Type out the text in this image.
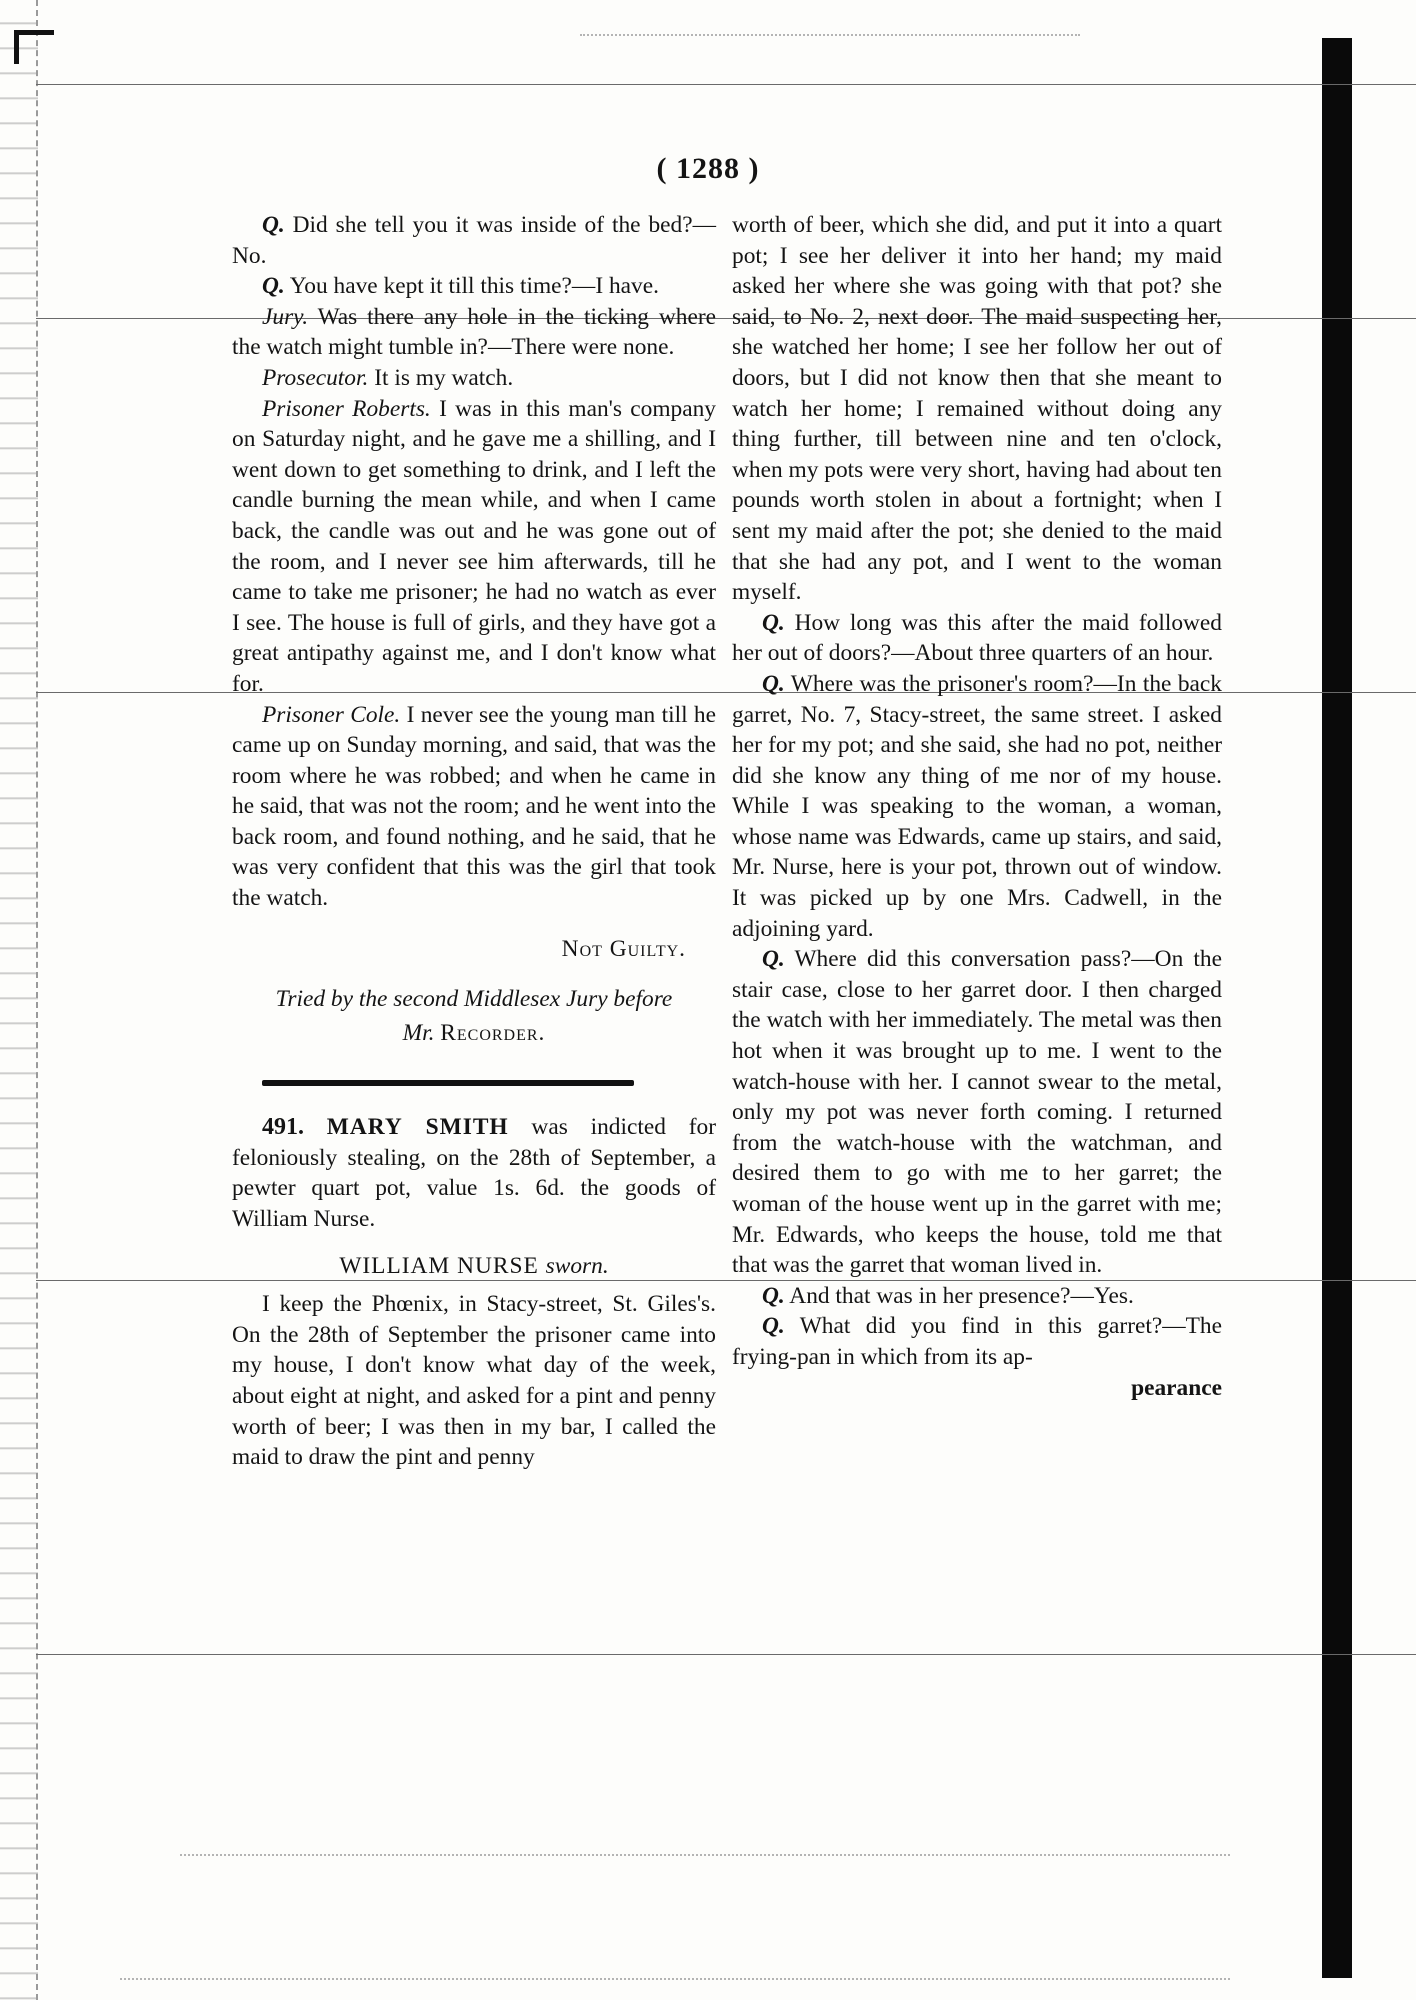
( 1288 )

Q. Did she tell you it was inside of the bed?—No.

Q. You have kept it till this time?—I have.

Jury. Was there any hole in the ticking where the watch might tumble in?—There were none.

Prosecutor. It is my watch.

Prisoner Roberts. I was in this man's company on Saturday night, and he gave me a shilling, and I went down to get something to drink, and I left the candle burning the mean while, and when I came back, the candle was out and he was gone out of the room, and I never see him afterwards, till he came to take me prisoner; he had no watch as ever I see. The house is full of girls, and they have got a great antipathy against me, and I don't know what for.

Prisoner Cole. I never see the young man till he came up on Sunday morning, and said, that was the room where he was robbed; and when he came in he said, that was not the room; and he went into the back room, and found nothing, and he said, that he was very confident that this was the girl that took the watch.

Not Guilty.

Tried by the second Middlesex Jury before
Mr. Recorder.

491. MARY SMITH was indicted for feloniously stealing, on the 28th of September, a pewter quart pot, value 1s. 6d. the goods of William Nurse.

WILLIAM NURSE sworn.

I keep the Phœnix, in Stacy-street, St. Giles's. On the 28th of September the prisoner came into my house, I don't know what day of the week, about eight at night, and asked for a pint and penny worth of beer; I was then in my bar, I called the maid to draw the pint and penny

worth of beer, which she did, and put it into a quart pot; I see her deliver it into her hand; my maid asked her where she was going with that pot? she said, to No. 2, next door. The maid suspecting her, she watched her home; I see her follow her out of doors, but I did not know then that she meant to watch her home; I remained without doing any thing further, till between nine and ten o'clock, when my pots were very short, having had about ten pounds worth stolen in about a fortnight; when I sent my maid after the pot; she denied to the maid that she had any pot, and I went to the woman myself.

Q. How long was this after the maid followed her out of doors?—About three quarters of an hour.

Q. Where was the prisoner's room?—In the back garret, No. 7, Stacy-street, the same street. I asked her for my pot; and she said, she had no pot, neither did she know any thing of me nor of my house. While I was speaking to the woman, a woman, whose name was Edwards, came up stairs, and said, Mr. Nurse, here is your pot, thrown out of window. It was picked up by one Mrs. Cadwell, in the adjoining yard.

Q. Where did this conversation pass?—On the stair case, close to her garret door. I then charged the watch with her immediately. The metal was then hot when it was brought up to me. I went to the watch-house with her. I cannot swear to the metal, only my pot was never forth coming. I returned from the watch-house with the watchman, and desired them to go with me to her garret; the woman of the house went up in the garret with me; Mr. Edwards, who keeps the house, told me that that was the garret that woman lived in.

Q. And that was in her presence?—Yes.

Q. What did you find in this garret?—The frying-pan in which from its ap-

pearance
